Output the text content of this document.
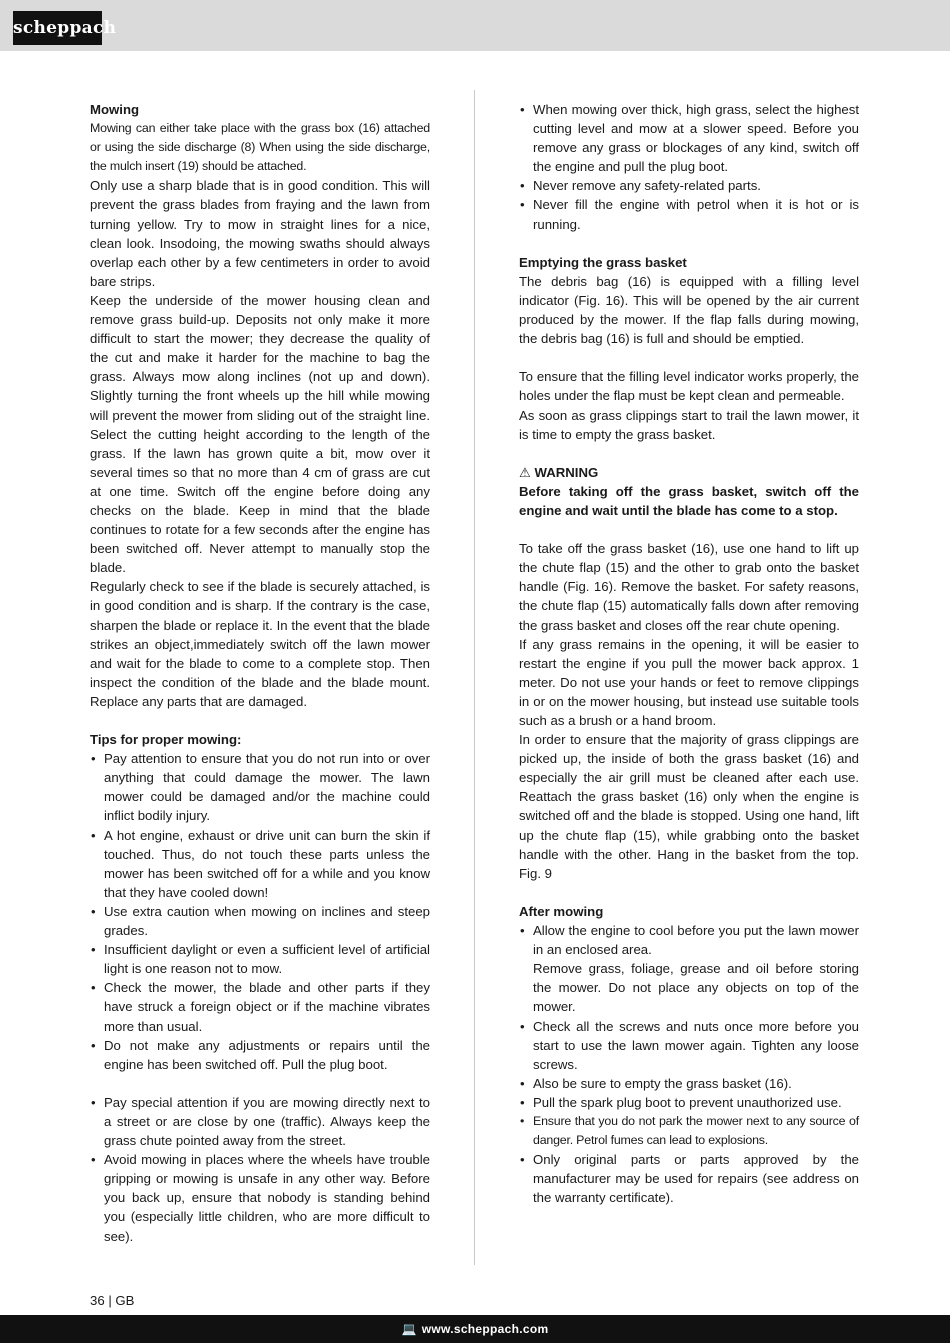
scheppach
Mowing

Mowing can either take place with the grass box (16) attached or using the side discharge (8) When using the side discharge, the mulch insert (19) should be attached.

Only use a sharp blade that is in good condition. This will prevent the grass blades from fraying and the lawn from turning yellow. Try to mow in straight lines for a nice, clean look. Insodoing, the mowing swaths should always overlap each other by a few centimeters in order to avoid bare strips.

Keep the underside of the mower housing clean and remove grass build-up. Deposits not only make it more difficult to start the mower; they decrease the quality of the cut and make it harder for the machine to bag the grass. Always mow along inclines (not up and down). Slightly turning the front wheels up the hill while mowing will prevent the mower from sliding out of the straight line. Select the cutting height according to the length of the grass. If the lawn has grown quite a bit, mow over it several times so that no more than 4 cm of grass are cut at one time. Switch off the engine before doing any checks on the blade. Keep in mind that the blade continues to rotate for a few seconds after the engine has been switched off. Never attempt to manually stop the blade.

Regularly check to see if the blade is securely attached, is in good condition and is sharp. If the contrary is the case, sharpen the blade or replace it. In the event that the blade strikes an object,immediately switch off the lawn mower and wait for the blade to come to a complete stop. Then inspect the condition of the blade and the blade mount. Replace any parts that are damaged.

Tips for proper mowing:
• Pay attention to ensure that you do not run into or over anything that could damage the mower. The lawn mower could be damaged and/or the machine could inflict bodily injury.
• A hot engine, exhaust or drive unit can burn the skin if touched. Thus, do not touch these parts unless the mower has been switched off for a while and you know that they have cooled down!
• Use extra caution when mowing on inclines and steep grades.
• Insufficient daylight or even a sufficient level of artificial light is one reason not to mow.
• Check the mower, the blade and other parts if they have struck a foreign object or if the machine vibrates more than usual.
• Do not make any adjustments or repairs until the engine has been switched off. Pull the plug boot.
• Pay special attention if you are mowing directly next to a street or are close by one (traffic). Always keep the grass chute pointed away from the street.
• Avoid mowing in places where the wheels have trouble gripping or mowing is unsafe in any other way. Before you back up, ensure that nobody is standing behind you (especially little children, who are more difficult to see).
• When mowing over thick, high grass, select the highest cutting level and mow at a slower speed. Before you remove any grass or blockages of any kind, switch off the engine and pull the plug boot.
• Never remove any safety-related parts.
• Never fill the engine with petrol when it is hot or is running.
Emptying the grass basket

The debris bag (16) is equipped with a filling level indicator (Fig. 16). This will be opened by the air current produced by the mower. If the flap falls during mowing, the debris bag (16) is full and should be emptied.

To ensure that the filling level indicator works properly, the holes under the flap must be kept clean and permeable.

As soon as grass clippings start to trail the lawn mower, it is time to empty the grass basket.

⚠ WARNING

Before taking off the grass basket, switch off the engine and wait until the blade has come to a stop.

To take off the grass basket (16), use one hand to lift up the chute flap (15) and the other to grab onto the basket handle (Fig. 16). Remove the basket. For safety reasons, the chute flap (15) automatically falls down after removing the grass basket and closes off the rear chute opening.

If any grass remains in the opening, it will be easier to restart the engine if you pull the mower back approx. 1 meter. Do not use your hands or feet to remove clippings in or on the mower housing, but instead use suitable tools such as a brush or a hand broom.

In order to ensure that the majority of grass clippings are picked up, the inside of both the grass basket (16) and especially the air grill must be cleaned after each use. Reattach the grass basket (16) only when the engine is switched off and the blade is stopped. Using one hand, lift up the chute flap (15), while grabbing onto the basket handle with the other. Hang in the basket from the top. Fig. 9

After mowing
• Allow the engine to cool before you put the lawn mower in an enclosed area.
Remove grass, foliage, grease and oil before storing the mower. Do not place any objects on top of the mower.
• Check all the screws and nuts once more before you start to use the lawn mower again. Tighten any loose screws.
• Also be sure to empty the grass basket (16).
• Pull the spark plug boot to prevent unauthorized use.
• Ensure that you do not park the mower next to any source of danger. Petrol fumes can lead to explosions.
• Only original parts or parts approved by the manufacturer may be used for repairs (see address on the warranty certificate).
36 | GB
💻 www.scheppach.com
